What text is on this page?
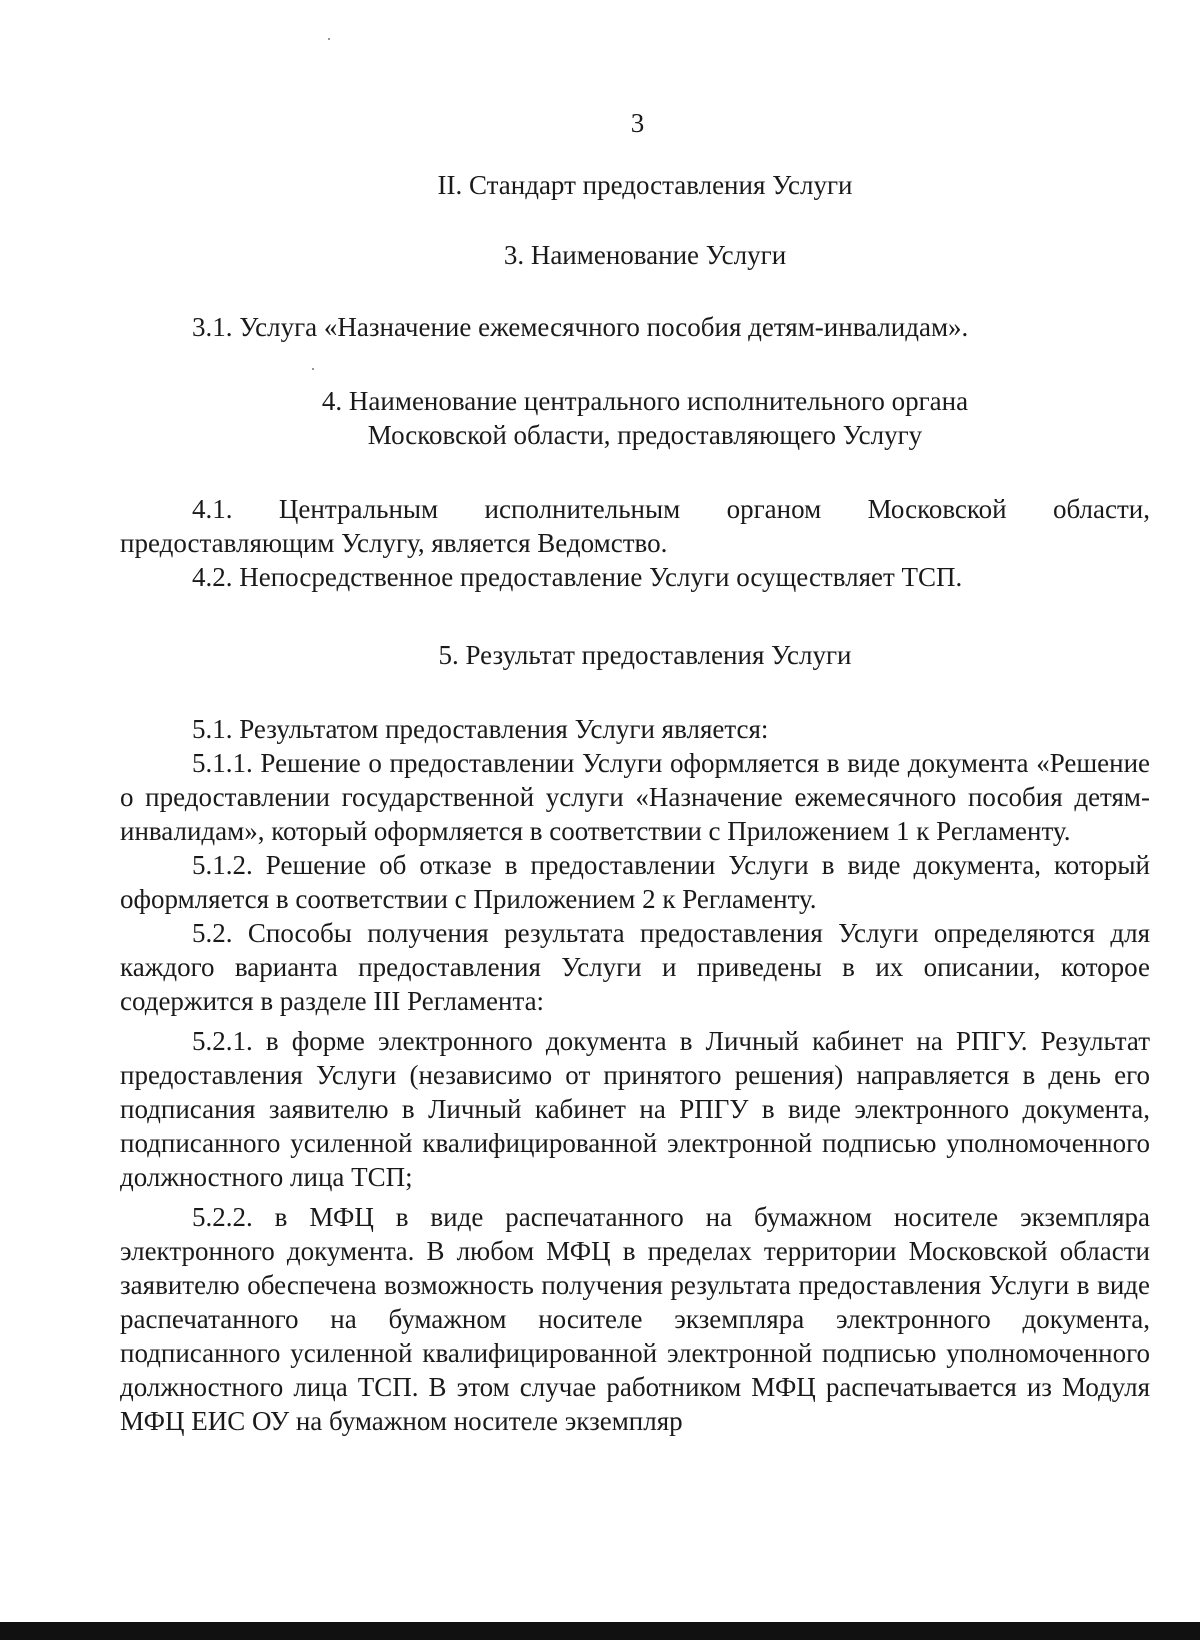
3
II. Стандарт предоставления Услуги
3. Наименование Услуги

3.1. Услуга «Назначение ежемесячного пособия детям-инвалидам».

4. Наименование центрального исполнительного органа
Московской области, предоставляющего Услугу

4.1. Центральным исполнительным органом Московской области, предоставляющим Услугу, является Ведомство.

4.2. Непосредственное предоставление Услуги осуществляет ТСП.

5. Результат предоставления Услуги

5.1. Результатом предоставления Услуги является:

5.1.1. Решение о предоставлении Услуги оформляется в виде документа «Решение о предоставлении государственной услуги «Назначение ежемесячного пособия детям-инвалидам», который оформляется в соответствии с Приложением 1 к Регламенту.

5.1.2. Решение об отказе в предоставлении Услуги в виде документа, который оформляется в соответствии с Приложением 2 к Регламенту.

5.2. Способы получения результата предоставления Услуги определяются для каждого варианта предоставления Услуги и приведены в их описании, которое содержится в разделе III Регламента:

5.2.1. в форме электронного документа в Личный кабинет на РПГУ. Результат предоставления Услуги (независимо от принятого решения) направляется в день его подписания заявителю в Личный кабинет на РПГУ в виде электронного документа, подписанного усиленной квалифицированной электронной подписью уполномоченного должностного лица ТСП;

5.2.2. в МФЦ в виде распечатанного на бумажном носителе экземпляра электронного документа. В любом МФЦ в пределах территории Московской области заявителю обеспечена возможность получения результата предоставления Услуги в виде распечатанного на бумажном носителе экземпляра электронного документа, подписанного усиленной квалифицированной электронной подписью уполномоченного должностного лица ТСП. В этом случае работником МФЦ распечатывается из Модуля МФЦ ЕИС ОУ на бумажном носителе экземпляр
